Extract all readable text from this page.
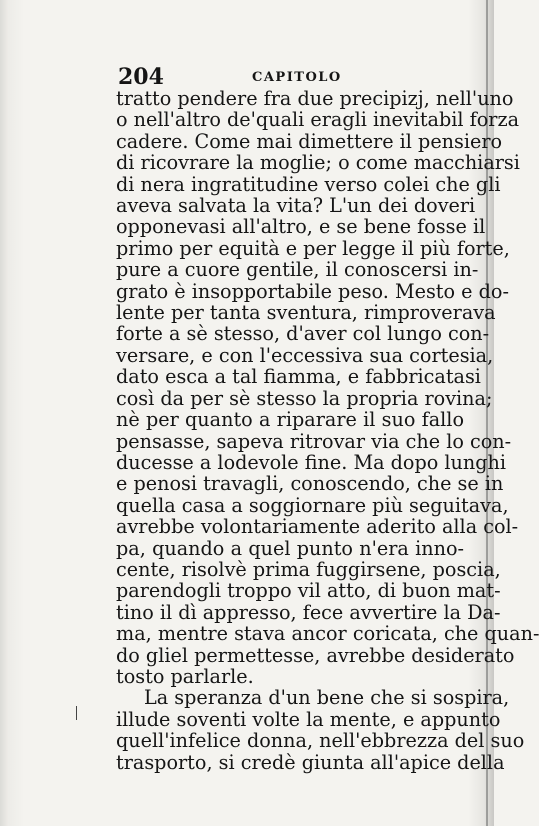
204	CAPITOLO
tratto pendere fra due precipizj, nell'uno
o nell'altro de'quali eragli inevitabil forza
cadere. Come mai dimettere il pensiero
di ricovrare la moglie; o come macchiarsi
di nera ingratitudine verso colei che gli
aveva salvata la vita? L'un dei doveri
opponevasi all'altro, e se bene fosse il
primo per equità e per legge il più forte,
pure a cuore gentile, il conoscersi in-
grato è insopportabile peso. Mesto e do-
lente per tanta sventura, rimproverava
forte a sè stesso, d'aver col lungo con-
versare, e con l'eccessiva sua cortesia,
dato esca a tal fiamma, e fabbricatasi
così da per sè stesso la propria rovina;
nè per quanto a riparare il suo fallo
pensasse, sapeva ritrovar via che lo con-
ducesse a lodevole fine. Ma dopo lunghi
e penosi travagli, conoscendo, che se in
quella casa a soggiornare più seguitava,
avrebbe volontariamente aderito alla col-
pa, quando a quel punto n'era inno-
cente, risolvè prima fuggirsene, poscia,
parendogli troppo vil atto, di buon mat-
tino il dì appresso, fece avvertire la Da-
ma, mentre stava ancor coricata, che quan-
do gliel permettesse, avrebbe desiderato
tosto parlarle.
La speranza d'un bene che si sospira,
illude soventi volte la mente, e appunto
quell'infelice donna, nell'ebbrezza del suo
trasporto, si credè giunta all'apice della
